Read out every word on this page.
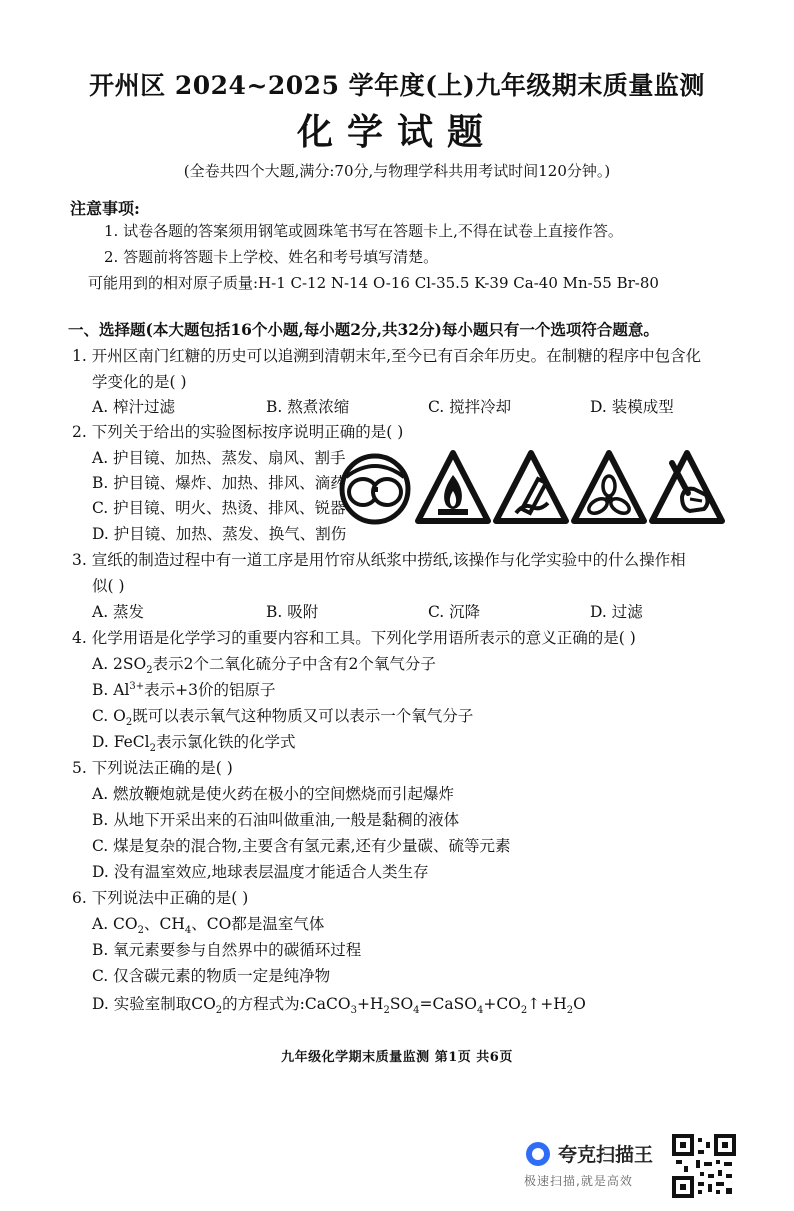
开州区 2024~2025 学年度(上)九年级期末质量监测
化学试题
(全卷共四个大题,满分:70分,与物理学科共用考试时间120分钟。)
注意事项:
1. 试卷各题的答案须用钢笔或圆珠笔书写在答题卡上,不得在试卷上直接作答。
2. 答题前将答题卡上学校、姓名和考号填写清楚。
可能用到的相对原子质量:H-1 C-12 N-14 O-16 Cl-35.5 K-39 Ca-40 Mn-55 Br-80
一、选择题(本大题包括16个小题,每小题2分,共32分)每小题只有一个选项符合题意。
1. 开州区南门红糖的历史可以追溯到清朝末年,至今已有百余年历史。在制糖的程序中包含化
学变化的是( )
A. 榨汁过滤	B. 熬煮浓缩	C. 搅拌冷却	D. 装模成型
2. 下列关于给出的实验图标按序说明正确的是( )
A. 护目镜、加热、蒸发、扇风、割手
B. 护目镜、爆炸、加热、排风、滴药
C. 护目镜、明火、热烫、排风、锐器
D. 护目镜、加热、蒸发、换气、割伤
3. 宣纸的制造过程中有一道工序是用竹帘从纸浆中捞纸,该操作与化学实验中的什么操作相
似( )
A. 蒸发	B. 吸附	C. 沉降	D. 过滤
4. 化学用语是化学学习的重要内容和工具。下列化学用语所表示的意义正确的是( )
A. $2SO_2$表示2个二氧化硫分子中含有2个氧气分子
B. $Al^{3+}$表示+3价的铝原子
C. $O_2$既可以表示氧气这种物质又可以表示一个氧气分子
D. FeCl$_2$表示氯化铁的化学式
5. 下列说法正确的是( )
A. 燃放鞭炮就是使火药在极小的空间燃烧而引起爆炸
B. 从地下开采出来的石油叫做重油,一般是黏稠的液体
C. 煤是复杂的混合物,主要含有氢元素,还有少量碳、硫等元素
D. 没有温室效应,地球表层温度才能适合人类生存
6. 下列说法中正确的是( )
A. $CO_2$、$CH_4$、CO都是温室气体
B. 氧元素要参与自然界中的碳循环过程
C. 仅含碳元素的物质一定是纯净物
D. 实验室制取$CO_2$的方程式为$:CaCO_3+H_2SO_4=CaSO_4+CO_2↑+H_2O$
九年级化学期末质量监测 第1页 共6页
夸克扫描王
极速扫描,就是高效
